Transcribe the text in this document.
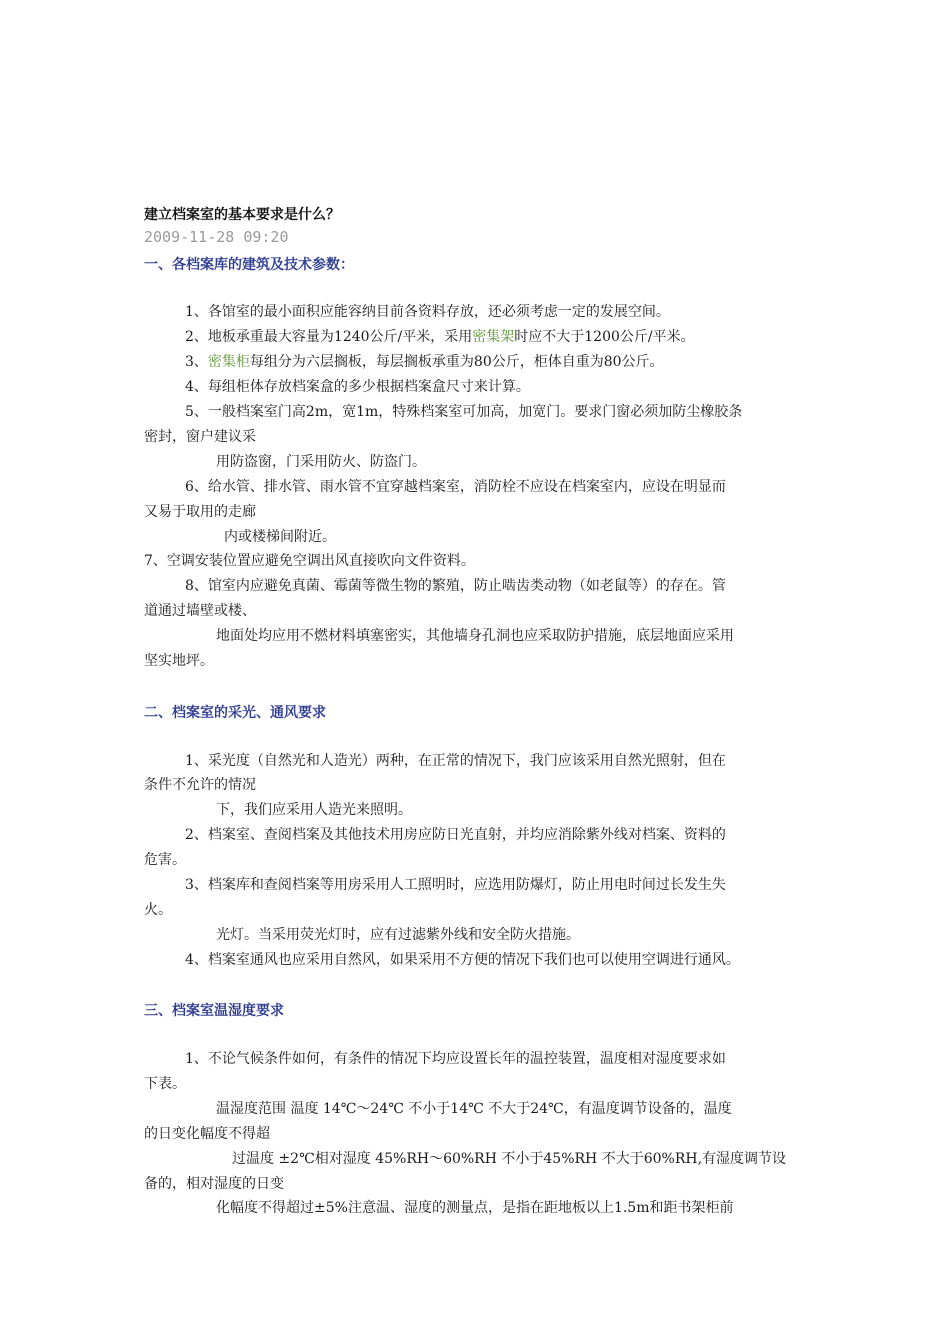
建立档案室的基本要求是什么？
2009-11-28 09:20
一、各档案库的建筑及技术参数：
1、各馆室的最小面积应能容纳目前各资料存放，还必须考虑一定的发展空间。
2、地板承重最大容量为1240公斤/平米，采用密集架时应不大于1200公斤/平米。
3、密集柜每组分为六层搁板，每层搁板承重为80公斤，柜体自重为80公斤。
4、每组柜体存放档案盒的多少根据档案盒尺寸来计算。
5、一般档案室门高2m，宽1m，特殊档案室可加高，加宽门。要求门窗必须加防尘橡胶条
密封，窗户建议采
用防盗窗，门采用防火、防盗门。
6、给水管、排水管、雨水管不宜穿越档案室，消防栓不应设在档案室内，应设在明显而
又易于取用的走廊
内或楼梯间附近。
7、空调安装位置应避免空调出风直接吹向文件资料。
8、馆室内应避免真菌、霉菌等微生物的繁殖，防止啮齿类动物（如老鼠等）的存在。管
道通过墙壁或楼、
地面处均应用不燃材料填塞密实，其他墙身孔洞也应采取防护措施，底层地面应采用
坚实地坪。
二、档案室的采光、通风要求
1、采光度（自然光和人造光）两种，在正常的情况下，我门应该采用自然光照射，但在
条件不允许的情况
下，我们应采用人造光来照明。
2、档案室、查阅档案及其他技术用房应防日光直射，并均应消除紫外线对档案、资料的
危害。
3、档案库和查阅档案等用房采用人工照明时，应选用防爆灯，防止用电时间过长发生失
火。
光灯。当采用荧光灯时，应有过滤紫外线和安全防火措施。
4、档案室通风也应采用自然风，如果采用不方便的情况下我们也可以使用空调进行通风。
三、档案室温湿度要求
1、不论气候条件如何，有条件的情况下均应设置长年的温控装置，温度相对湿度要求如
下表。
温湿度范围 温度 14℃～24℃ 不小于14℃ 不大于24℃，有温度调节设备的，温度
的日变化幅度不得超
过温度 ±2℃相对湿度 45%RH～60%RH 不小于45%RH 不大于60%RH,有湿度调节设
备的，相对湿度的日变
化幅度不得超过±5%注意温、湿度的测量点，是指在距地板以上1.5m和距书架柜前
